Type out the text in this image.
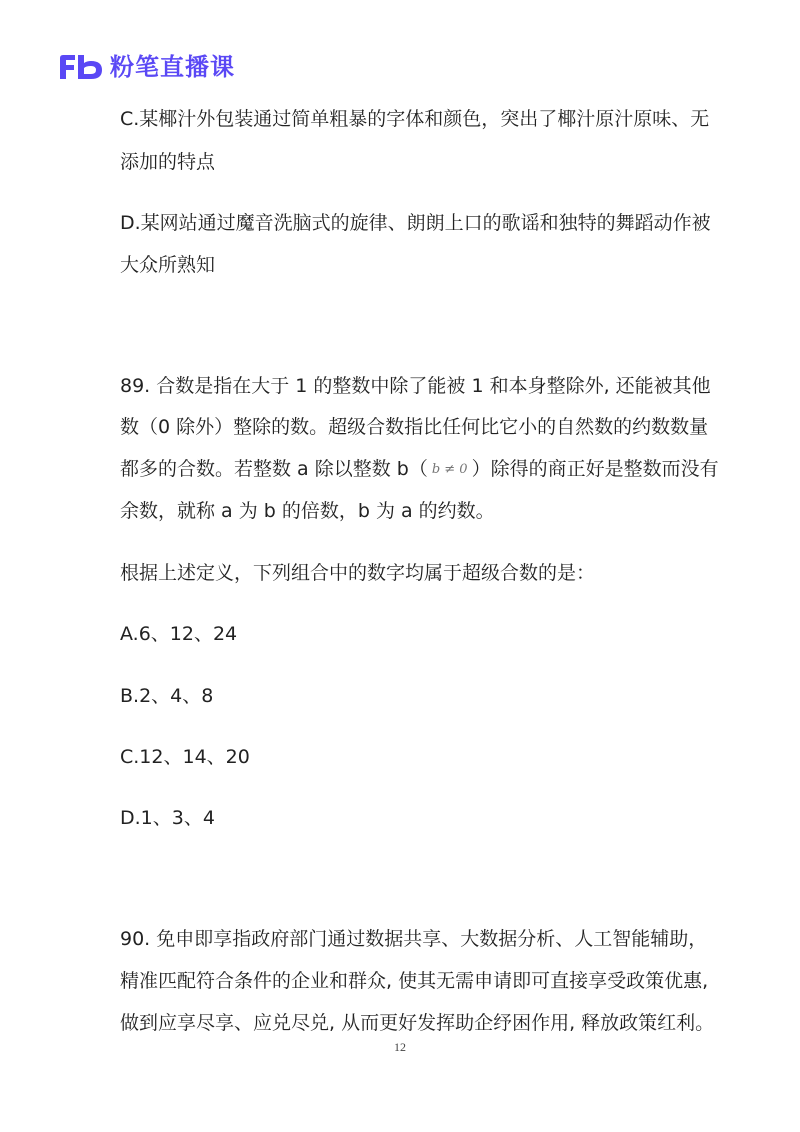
粉笔直播课
C.某椰汁外包装通过简单粗暴的字体和颜色，突出了椰汁原汁原味、无
添加的特点
D.某网站通过魔音洗脑式的旋律、朗朗上口的歌谣和独特的舞蹈动作被
大众所熟知
89. 合数是指在大于 1 的整数中除了能被 1 和本身整除外, 还能被其他
数（0 除外）整除的数。超级合数指比任何比它小的自然数的约数数量
都多的合数。若整数 a 除以整数 b（ b ≠ 0 ）除得的商正好是整数而没有
余数，就称 a 为 b 的倍数，b 为 a 的约数。
根据上述定义，下列组合中的数字均属于超级合数的是：
A.6、12、24
B.2、4、8
C.12、14、20
D.1、3、4
90. 免申即享指政府部门通过数据共享、大数据分析、人工智能辅助，
精准匹配符合条件的企业和群众, 使其无需申请即可直接享受政策优惠,
做到应享尽享、应兑尽兑, 从而更好发挥助企纾困作用, 释放政策红利。
12
